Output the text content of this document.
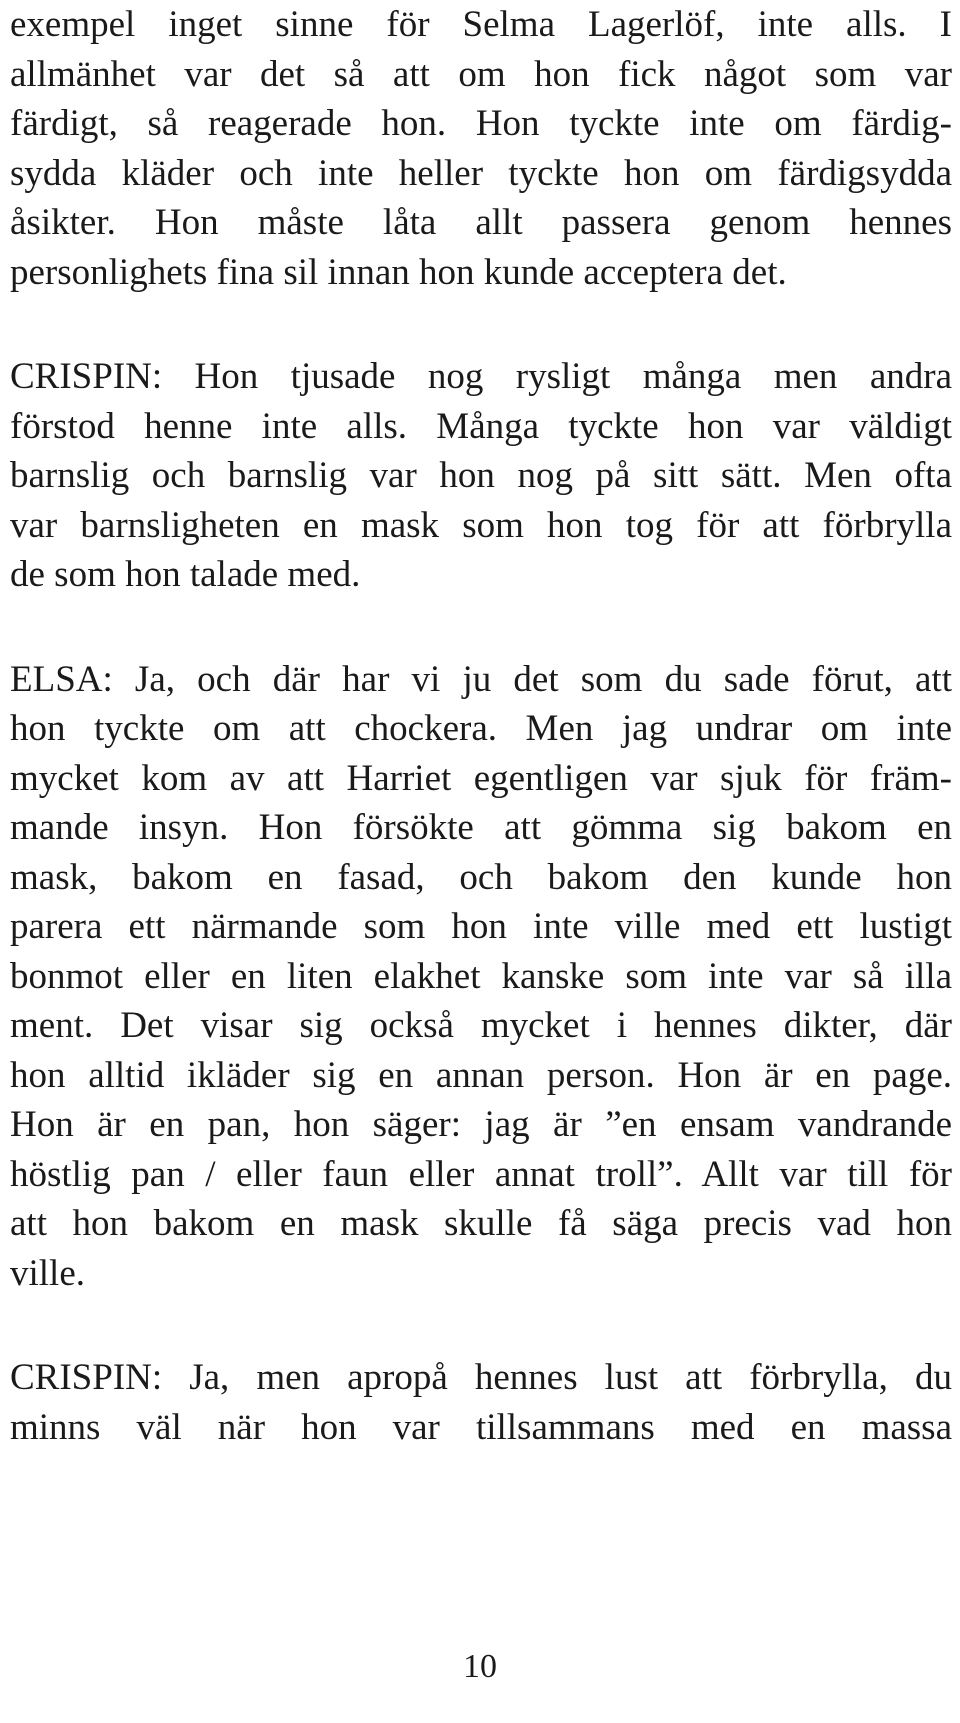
exempel inget sinne för Selma Lagerlöf, inte alls. I
allmänhet var det så att om hon fick något som var
färdigt, så reagerade hon. Hon tyckte inte om färdig-
sydda kläder och inte heller tyckte hon om färdigsydda
åsikter. Hon måste låta allt passera genom hennes
personlighets fina sil innan hon kunde acceptera det.
CRISPIN: Hon tjusade nog rysligt många men andra
förstod henne inte alls. Många tyckte hon var väldigt
barnslig och barnslig var hon nog på sitt sätt. Men ofta
var barnsligheten en mask som hon tog för att förbrylla
de som hon talade med.
ELSA: Ja, och där har vi ju det som du sade förut, att
hon tyckte om att chockera. Men jag undrar om inte
mycket kom av att Harriet egentligen var sjuk för främ-
mande insyn. Hon försökte att gömma sig bakom en
mask, bakom en fasad, och bakom den kunde hon
parera ett närmande som hon inte ville med ett lustigt
bonmot eller en liten elakhet kanske som inte var så illa
ment. Det visar sig också mycket i hennes dikter, där
hon alltid ikläder sig en annan person. Hon är en page.
Hon är en pan, hon säger: jag är ”en ensam vandrande
höstlig pan / eller faun eller annat troll”. Allt var till för
att hon bakom en mask skulle få säga precis vad hon
ville.
CRISPIN: Ja, men apropå hennes lust att förbrylla, du
minns väl när hon var tillsammans med en massa
10
